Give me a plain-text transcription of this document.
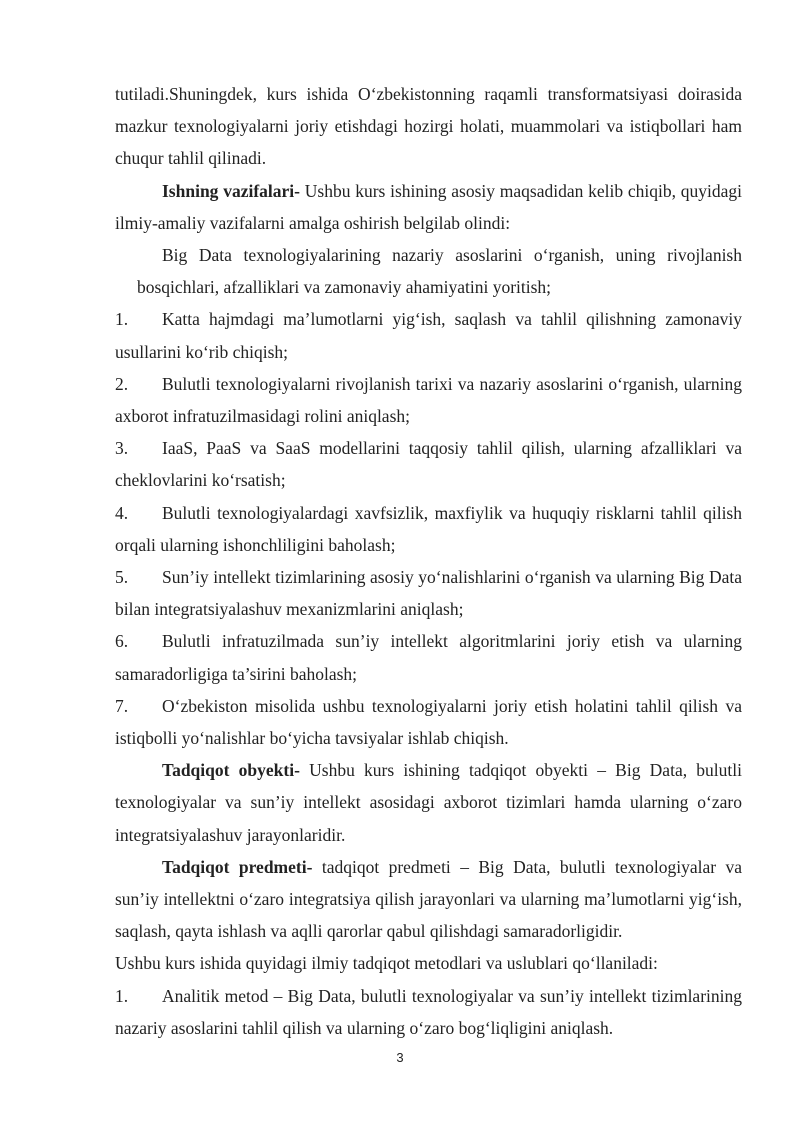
tutiladi.Shuningdek, kurs ishida O‘zbekistonning raqamli transformatsiyasi doirasida mazkur texnologiyalarni joriy etishdagi hozirgi holati, muammolari va istiqbollari ham chuqur tahlil qilinadi.

Ishning vazifalari- Ushbu kurs ishining asosiy maqsadidan kelib chiqib, quyidagi ilmiy-amaliy vazifalarni amalga oshirish belgilab olindi:

Big Data texnologiyalarining nazariy asoslarini o‘rganish, uning rivojlanish bosqichlari, afzalliklari va zamonaviy ahamiyatini yoritish;

1. Katta hajmdagi ma’lumotlarni yig‘ish, saqlash va tahlil qilishning zamonaviy usullarini ko‘rib chiqish;

2. Bulutli texnologiyalarni rivojlanish tarixi va nazariy asoslarini o‘rganish, ularning axborot infratuzilmasidagi rolini aniqlash;

3. IaaS, PaaS va SaaS modellarini taqqosiy tahlil qilish, ularning afzalliklari va cheklovlarini ko‘rsatish;

4. Bulutli texnologiyalardagi xavfsizlik, maxfiylik va huquqiy risklarni tahlil qilish orqali ularning ishonchliligini baholash;

5. Sun’iy intellekt tizimlarining asosiy yo‘nalishlarini o‘rganish va ularning Big Data bilan integratsiyalashuv mexanizmlarini aniqlash;

6. Bulutli infratuzilmada sun’iy intellekt algoritmlarini joriy etish va ularning samaradorligiga ta’sirini baholash;

7. O‘zbekiston misolida ushbu texnologiyalarni joriy etish holatini tahlil qilish va istiqbolli yo‘nalishlar bo‘yicha tavsiyalar ishlab chiqish.

Tadqiqot obyekti- Ushbu kurs ishining tadqiqot obyekti – Big Data, bulutli texnologiyalar va sun’iy intellekt asosidagi axborot tizimlari hamda ularning o‘zaro integratsiyalashuv jarayonlaridir.

Tadqiqot predmeti- tadqiqot predmeti – Big Data, bulutli texnologiyalar va sun’iy intellektni o‘zaro integratsiya qilish jarayonlari va ularning ma’lumotlarni yig‘ish, saqlash, qayta ishlash va aqlli qarorlar qabul qilishdagi samaradorligidir.

Ushbu kurs ishida quyidagi ilmiy tadqiqot metodlari va uslublari qo‘llaniladi:

1. Analitik metod – Big Data, bulutli texnologiyalar va sun’iy intellekt tizimlarining nazariy asoslarini tahlil qilish va ularning o‘zaro bog‘liqligini aniqlash.

3
